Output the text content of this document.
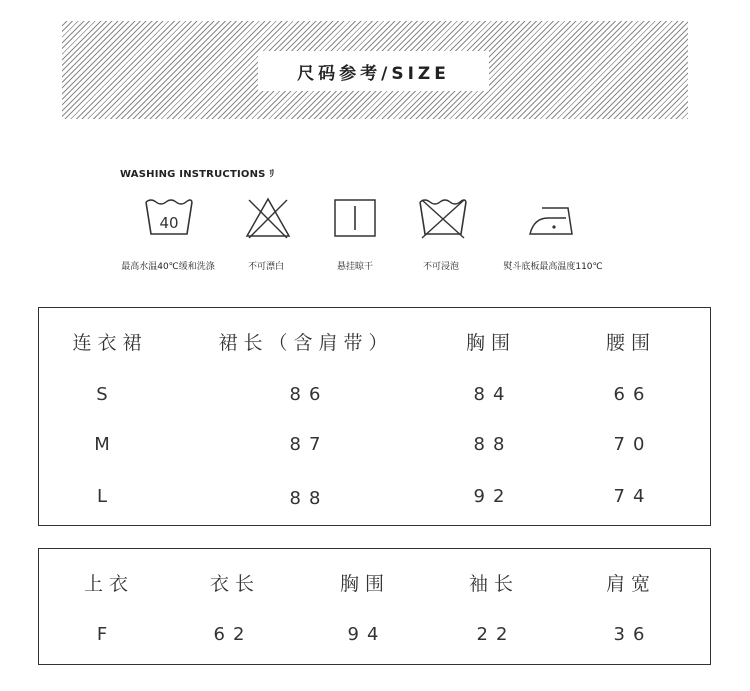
尺码参考/SIZE
WASHING INSTRUCTIONS ﾘ
40
最高水温40℃缓和洗涤	不可漂白	悬挂晾干	不可浸泡	熨斗底板最高温度110℃
连衣裙	裙长（含肩带）	胸围	腰围
S	86	84	66
M	87	88	70
L	88	92	74
上衣	衣长	胸围	袖长	肩宽
F	62	94	22	36
